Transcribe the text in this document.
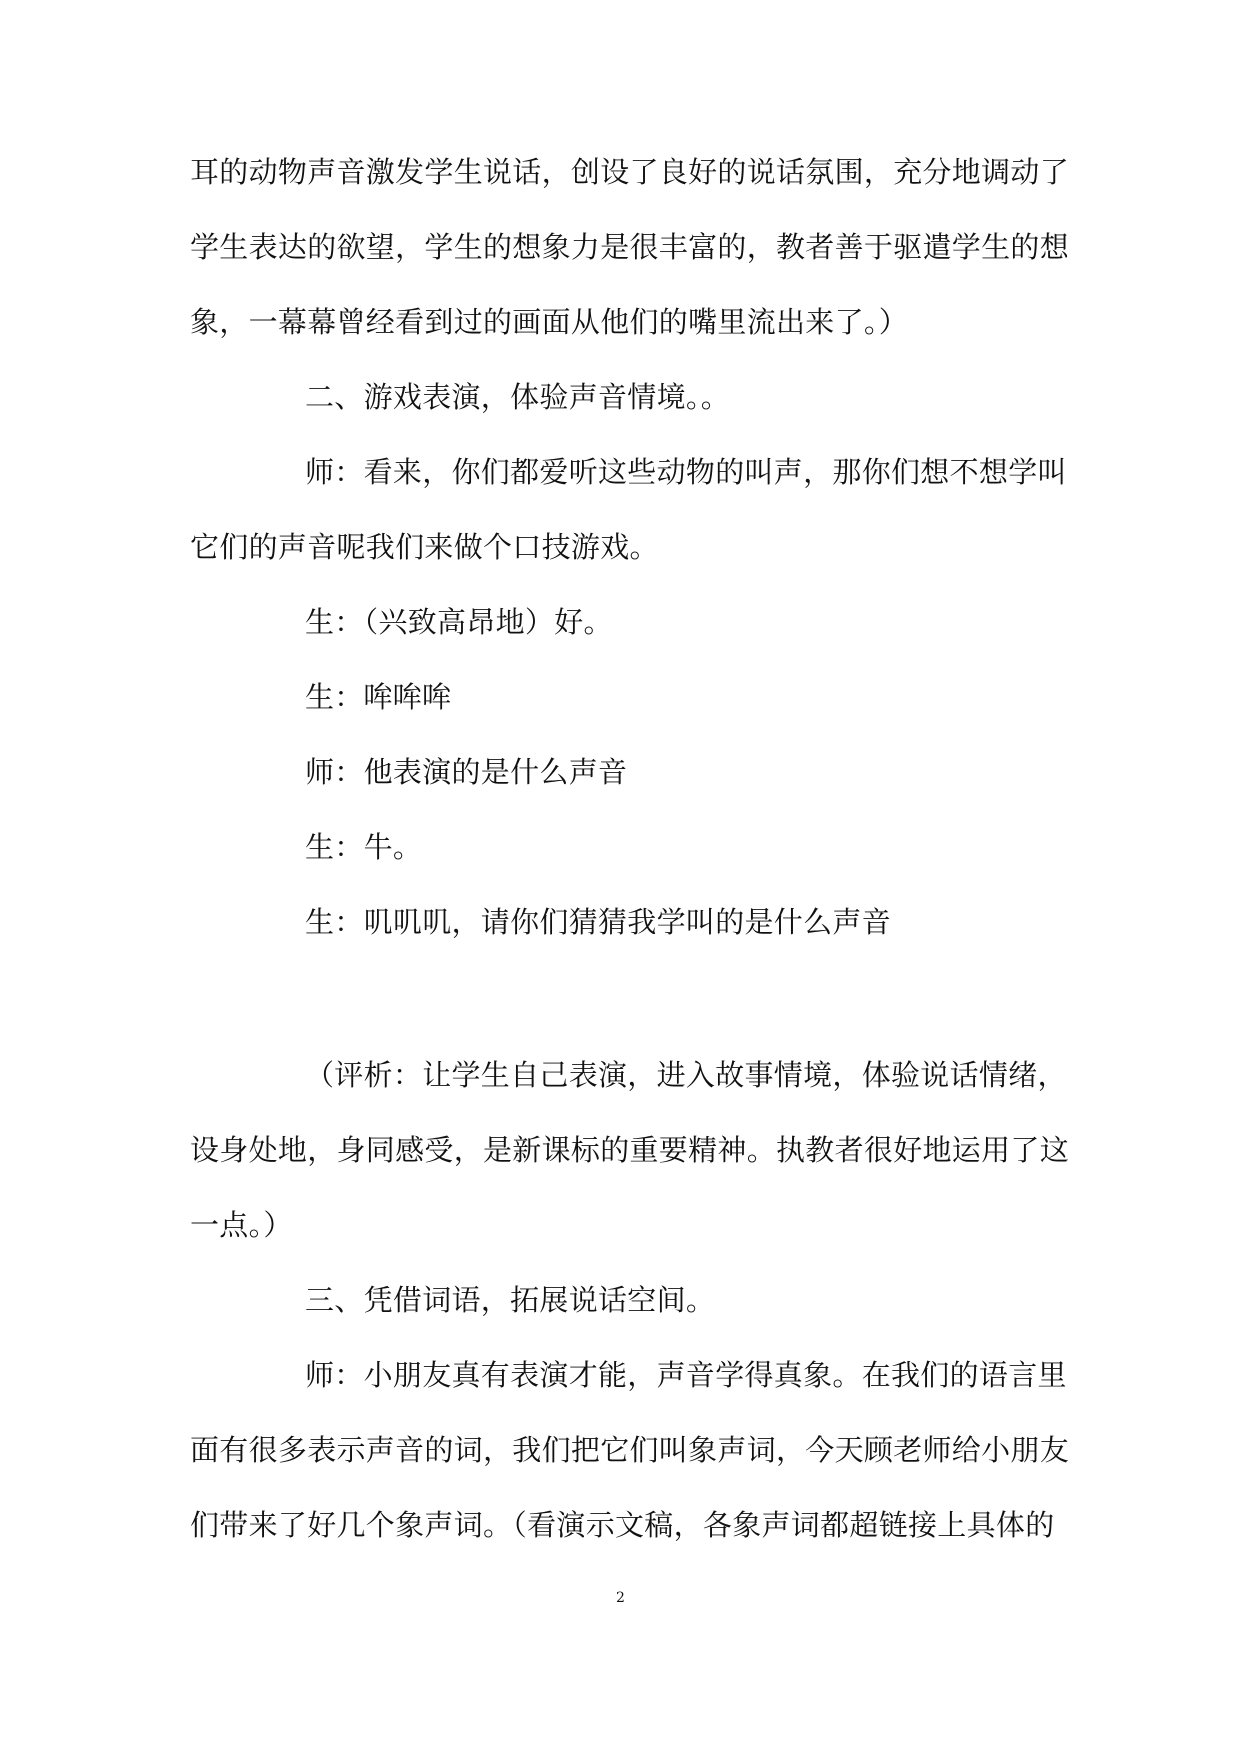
耳的动物声音激发学生说话，创设了良好的说话氛围，充分地调动了
学生表达的欲望，学生的想象力是很丰富的，教者善于驱遣学生的想
象，一幕幕曾经看到过的画面从他们的嘴里流出来了。）
二、游戏表演，体验声音情境。。
师：看来，你们都爱听这些动物的叫声，那你们想不想学叫
它们的声音呢我们来做个口技游戏。
生：（兴致高昂地）好。
生：哞哞哞
师：他表演的是什么声音
生：牛。
生：叽叽叽，请你们猜猜我学叫的是什么声音
（评析：让学生自己表演，进入故事情境，体验说话情绪，
设身处地，身同感受，是新课标的重要精神。执教者很好地运用了这
一点。）
三、凭借词语，拓展说话空间。
师：小朋友真有表演才能，声音学得真象。在我们的语言里
面有很多表示声音的词，我们把它们叫象声词，今天顾老师给小朋友
们带来了好几个象声词。（看演示文稿，各象声词都超链接上具体的
2
